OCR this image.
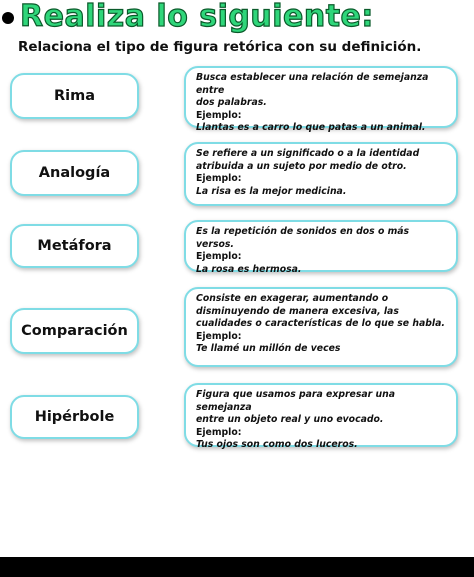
Realiza lo siguiente:
Relaciona el tipo de figura retórica con su definición.
Rima
Analogía
Metáfora
Comparación
Hipérbole
Busca establecer una relación de semejanza entre
dos palabras.
Ejemplo:
Llantas es a carro lo que patas a un animal.
Se refiere a un significado o a la identidad
atribuida a un sujeto por medio de otro.
Ejemplo:
La risa es la mejor medicina.
Es la repetición de sonidos en dos o más versos.
Ejemplo:
La rosa es hermosa.
Consiste en exagerar, aumentando o
disminuyendo de manera excesiva, las
cualidades o características de lo que se habla.
Ejemplo:
Te llamé un millón de veces
Figura que usamos para expresar una semejanza
entre un objeto real y uno evocado.
Ejemplo:
Tus ojos son como dos luceros.
